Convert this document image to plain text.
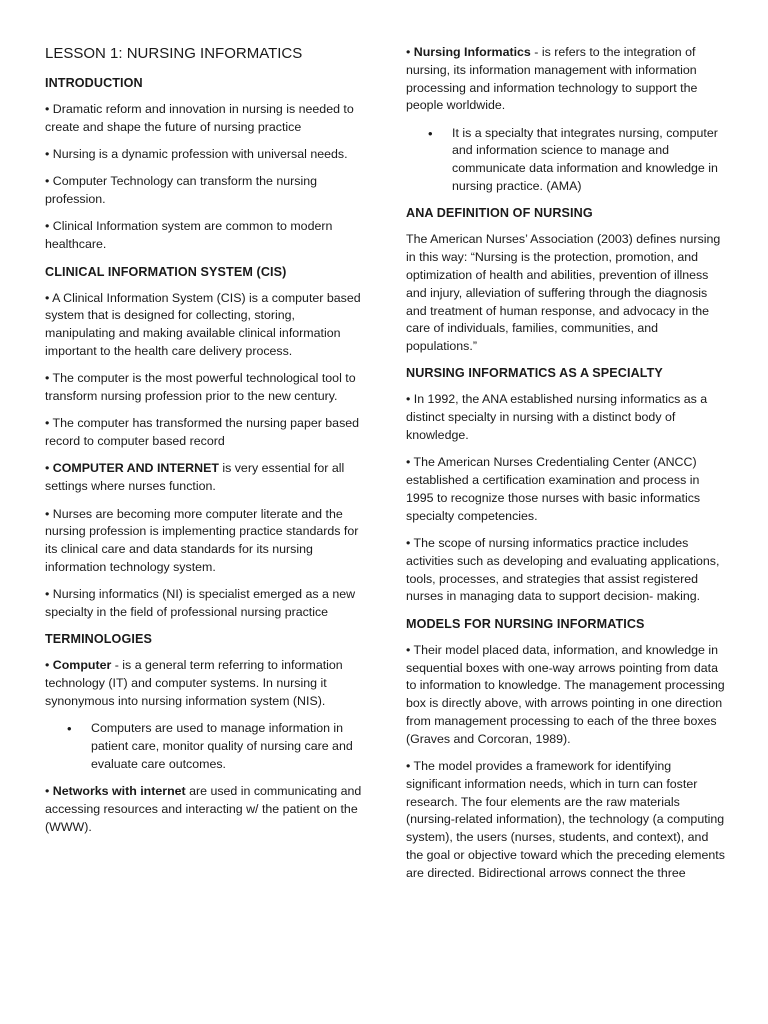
LESSON 1: NURSING INFORMATICS
INTRODUCTION

• Dramatic reform and innovation in nursing is needed to create and shape the future of nursing practice

• Nursing is a dynamic profession with universal needs.

• Computer Technology can transform the nursing profession.

• Clinical Information system are common to modern healthcare.

CLINICAL INFORMATION SYSTEM (CIS)

• A Clinical Information System (CIS) is a computer based system that is designed for collecting, storing, manipulating and making available clinical information important to the health care delivery process.

• The computer is the most powerful technological tool to transform nursing profession prior to the new century.

• The computer has transformed the nursing paper based record to computer based record

• COMPUTER AND INTERNET is very essential for all settings where nurses function.

• Nurses are becoming more computer literate and the nursing profession is implementing practice standards for its clinical care and data standards for its nursing information technology system.

• Nursing informatics (NI) is specialist emerged as a new specialty in the field of professional nursing practice

TERMINOLOGIES

• Computer - is a general term referring to information technology (IT) and computer systems. In nursing it synonymous into nursing information system (NIS).

• Computers are used to manage information in patient care, monitor quality of nursing care and evaluate care outcomes.

• Networks with internet are used in communicating and accessing resources and interacting w/ the patient on the (WWW).

• Nursing Informatics - is refers to the integration of nursing, its information management with information processing and information technology to support the people worldwide.

• It is a specialty that integrates nursing, computer and information science to manage and communicate data information and knowledge in nursing practice. (AMA)
ANA DEFINITION OF NURSING

The American Nurses’ Association (2003) defines nursing in this way: “Nursing is the protection, promotion, and optimization of health and abilities, prevention of illness and injury, alleviation of suffering through the diagnosis and treatment of human response, and advocacy in the care of individuals, families, communities, and populations.”

NURSING INFORMATICS AS A SPECIALTY

• In 1992, the ANA established nursing informatics as a distinct specialty in nursing with a distinct body of knowledge.

• The American Nurses Credentialing Center (ANCC) established a certification examination and process in 1995 to recognize those nurses with basic informatics specialty competencies.

• The scope of nursing informatics practice includes activities such as developing and evaluating applications, tools, processes, and strategies that assist registered nurses in managing data to support decision- making.

MODELS FOR NURSING INFORMATICS

• Their model placed data, information, and knowledge in sequential boxes with one-way arrows pointing from data to information to knowledge. The management processing box is directly above, with arrows pointing in one direction from management processing to each of the three boxes (Graves and Corcoran, 1989).

• The model provides a framework for identifying significant information needs, which in turn can foster research. The four elements are the raw materials (nursing-related information), the technology (a computing system), the users (nurses, students, and context), and the goal or objective toward which the preceding elements are directed. Bidirectional arrows connect the three
